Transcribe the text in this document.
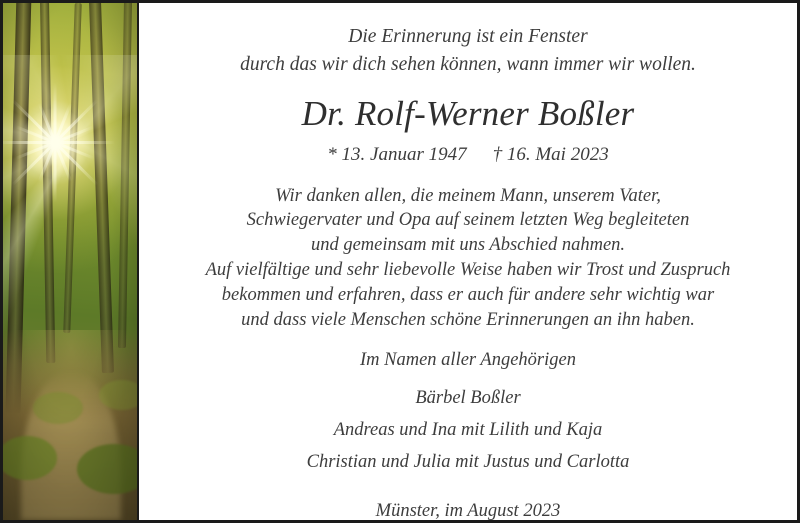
Die Erinnerung ist ein Fenster
durch das wir dich sehen können, wann immer wir wollen.
Dr. Rolf-Werner Boßler
* 13. Januar 1947 † 16. Mai 2023
Wir danken allen, die meinem Mann, unserem Vater,
Schwiegervater und Opa auf seinem letzten Weg begleiteten
und gemeinsam mit uns Abschied nahmen.
Auf vielfältige und sehr liebevolle Weise haben wir Trost und Zuspruch
bekommen und erfahren, dass er auch für andere sehr wichtig war
und dass viele Menschen schöne Erinnerungen an ihn haben.
Im Namen aller Angehörigen
Bärbel Boßler
Andreas und Ina mit Lilith und Kaja
Christian und Julia mit Justus und Carlotta
Münster, im August 2023
